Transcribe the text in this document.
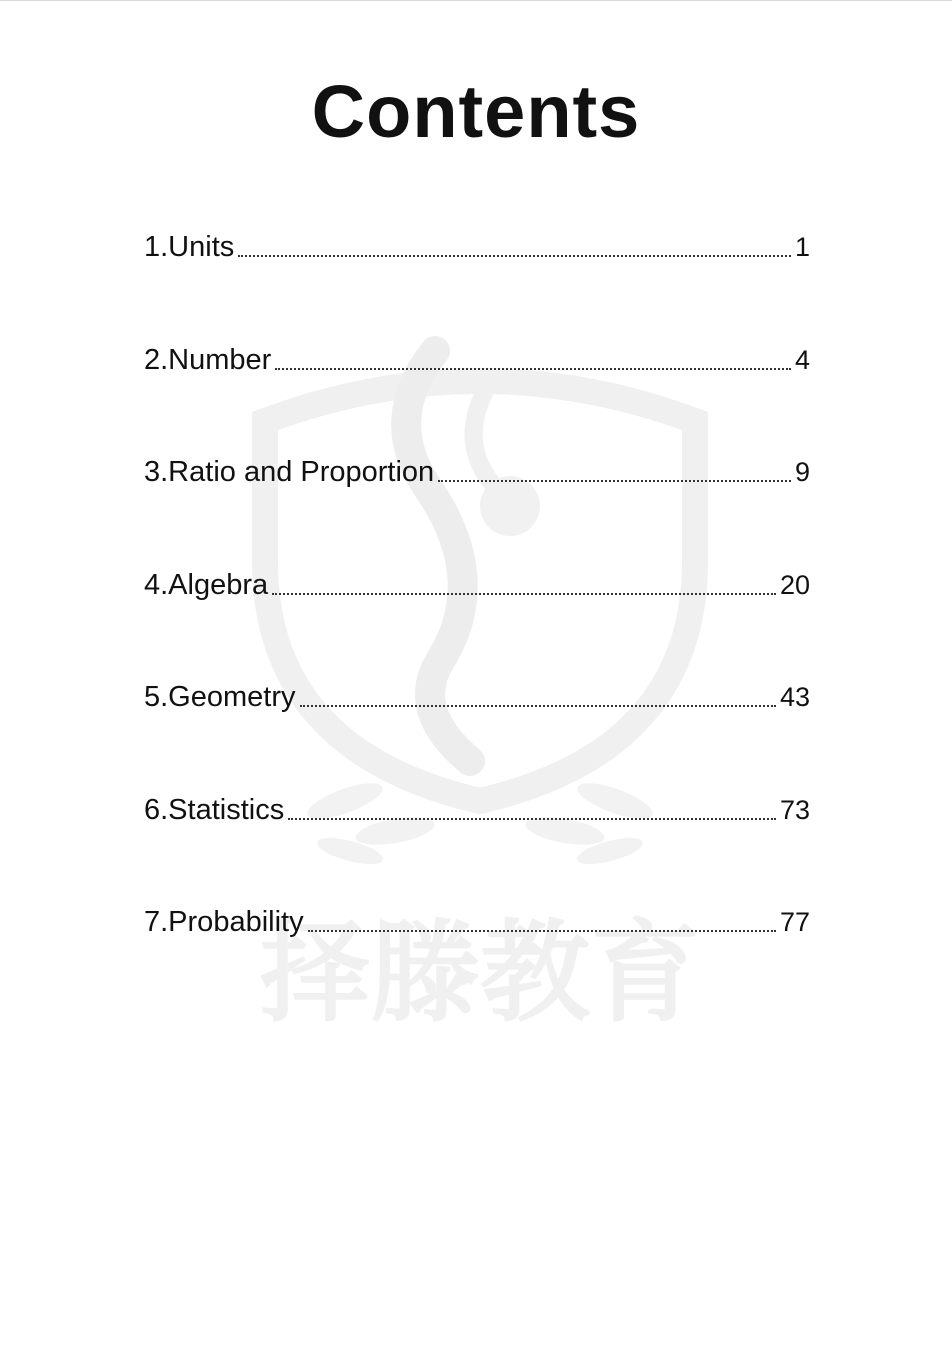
择滕教育
Contents
1.Units	1
2.Number	4
3.Ratio and Proportion	9
4.Algebra	20
5.Geometry	43
6.Statistics	73
7.Probability	77
